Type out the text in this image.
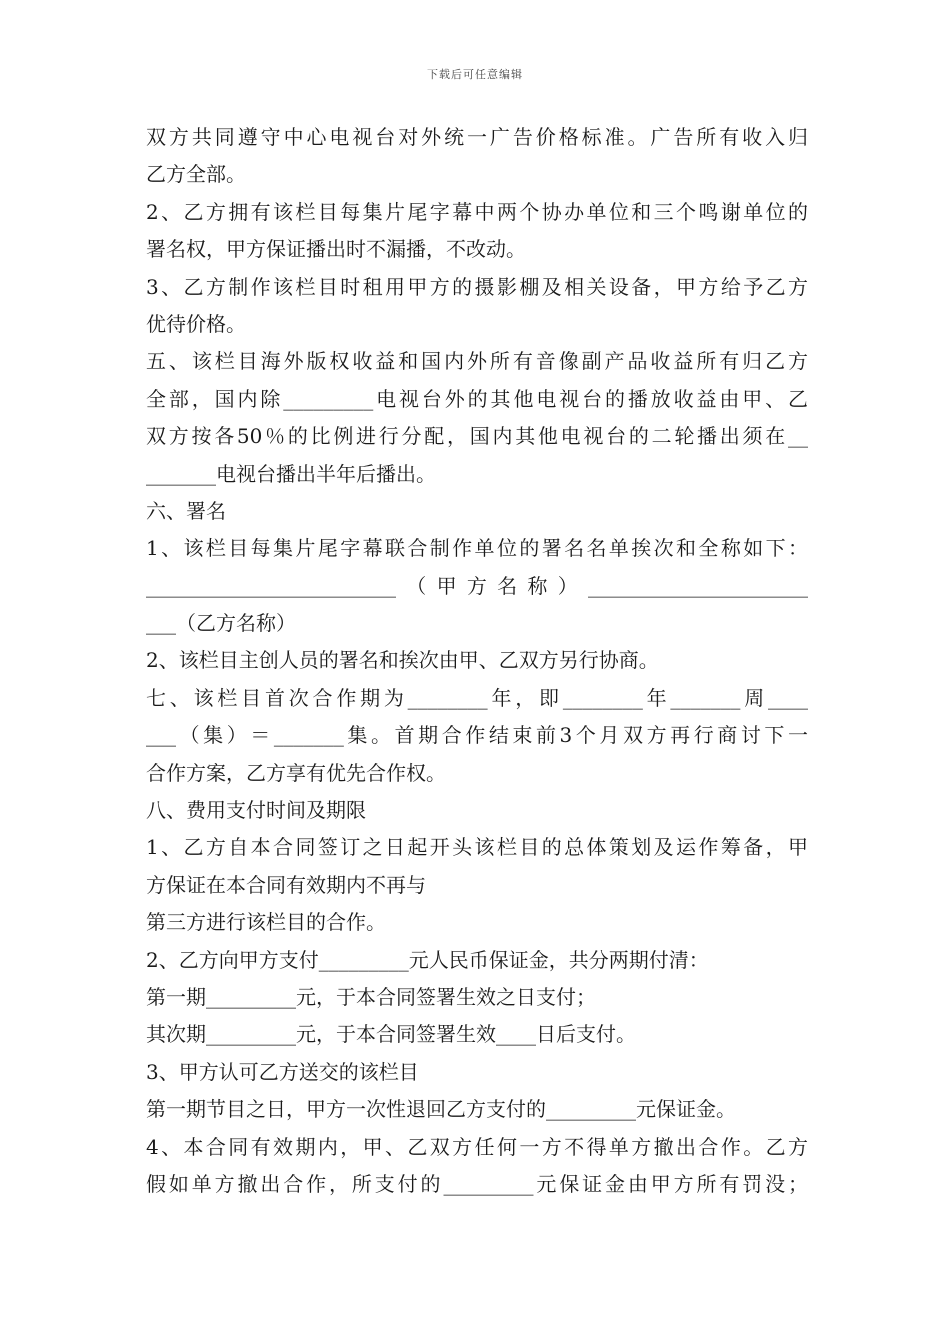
下载后可任意编辑
双方共同遵守中心电视台对外统一广告价格标准。广告所有收入归
乙方全部。
2、乙方拥有该栏目每集片尾字幕中两个协办单位和三个鸣谢单位的
署名权，甲方保证播出时不漏播，不改动。
3、乙方制作该栏目时租用甲方的摄影棚及相关设备，甲方给予乙方
优待价格。
五、该栏目海外版权收益和国内外所有音像副产品收益所有归乙方
全部，国内除_________电视台外的其他电视台的播放收益由甲、乙
双方按各50％的比例进行分配，国内其他电视台的二轮播出须在__
_______电视台播出半年后播出。
六、署名
1、该栏目每集片尾字幕联合制作单位的署名名单挨次和全称如下：
_________________________（甲方名称）______________________
___（乙方名称）
2、该栏目主创人员的署名和挨次由甲、乙双方另行协商。
七、该栏目首次合作期为________年，即________年_______周____
___（集）＝_______集。首期合作结束前3个月双方再行商讨下一
合作方案，乙方享有优先合作权。
八、费用支付时间及期限
1、乙方自本合同签订之日起开头该栏目的总体策划及运作筹备，甲
方保证在本合同有效期内不再与
第三方进行该栏目的合作。
2、乙方向甲方支付_________元人民币保证金，共分两期付清：
第一期_________元，于本合同签署生效之日支付；
其次期_________元，于本合同签署生效____日后支付。
3、甲方认可乙方送交的该栏目
第一期节目之日，甲方一次性退回乙方支付的_________元保证金。
4、本合同有效期内，甲、乙双方任何一方不得单方撤出合作。乙方
假如单方撤出合作，所支付的_________元保证金由甲方所有罚没；
